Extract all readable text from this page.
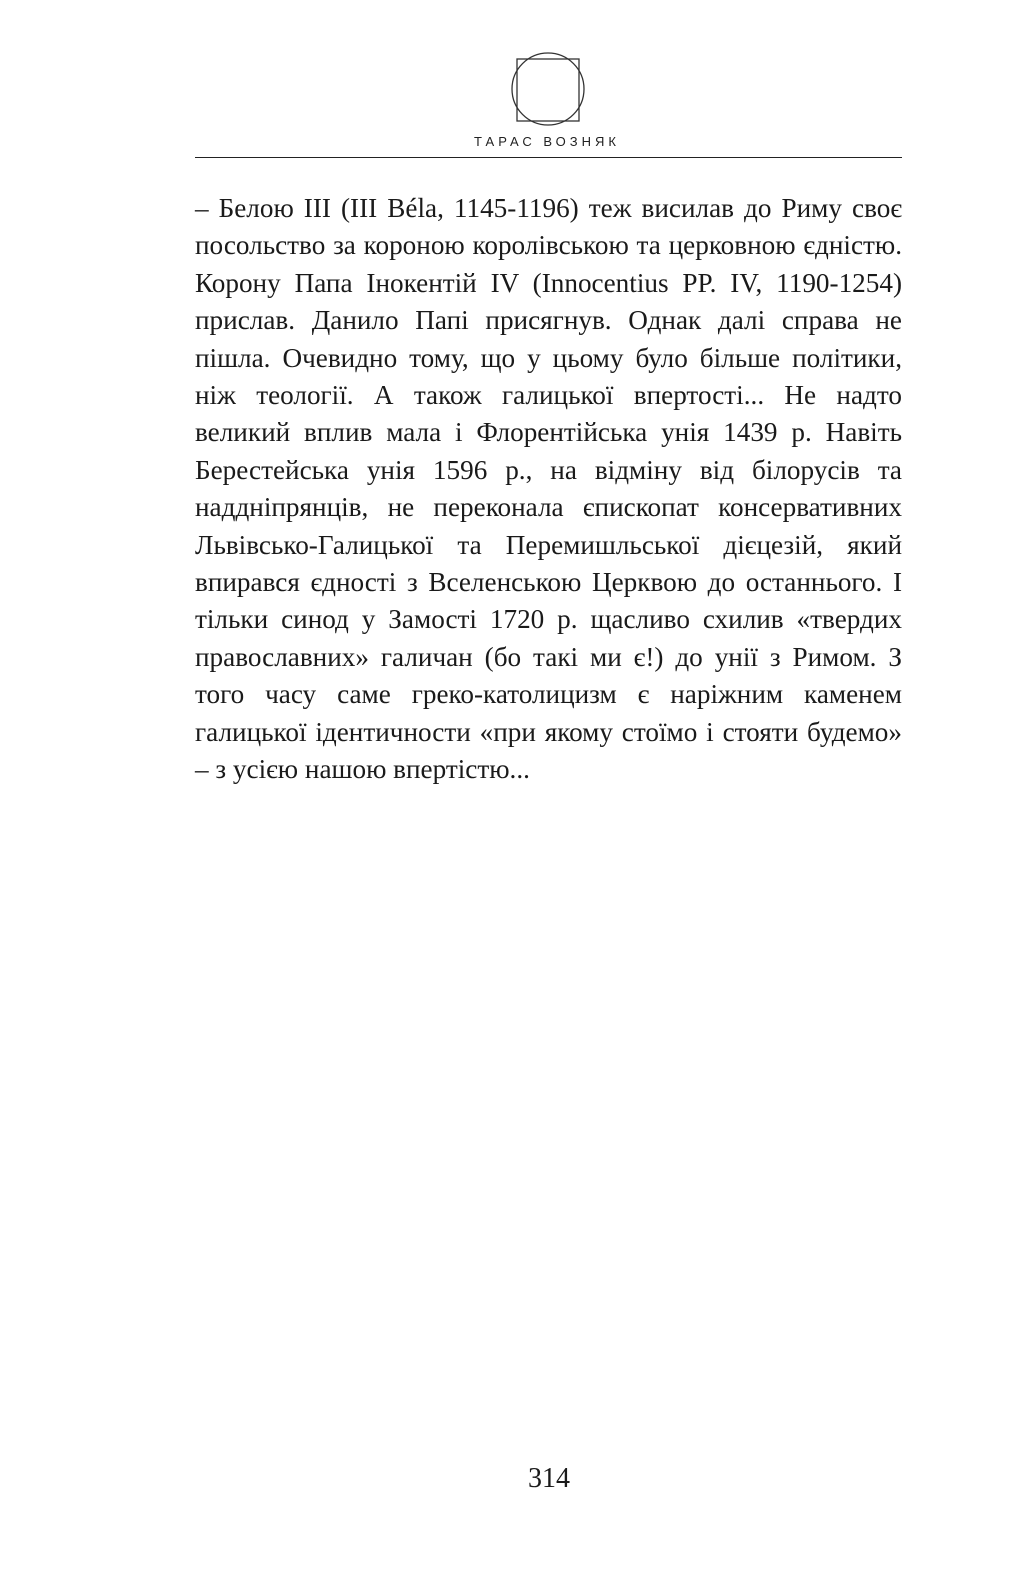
ТАРАС ВОЗНЯК

– Белою III (III Béla, 1145-1196) теж висилав до Риму своє посольство за короною королівською та церковною єдністю. Корону Папа Інокентій IV (Innocentius PP. IV, 1190-1254) прислав. Данило Папі присягнув. Однак далі справа не пішла. Очевидно тому, що у цьому було більше політики, ніж теології. А також галицької впертості... Не надто великий вплив мала і Флорентійська унія 1439 р. Навіть Берестейська унія 1596 р., на відміну від білорусів та наддніпрянців, не переконала єпископат консервативних Львівсько-Галицької та Перемишльської дієцезій, який впирався єдності з Вселенською Церквою до останнього. І тільки синод у Замості 1720 р. щасливо схилив «твердих православних» галичан (бо такі ми є!) до унії з Римом. З того часу саме греко-католицизм є наріжним каменем галицької ідентичности «при якому стоїмо і стояти будемо» – з усією нашою впертістю...

314
